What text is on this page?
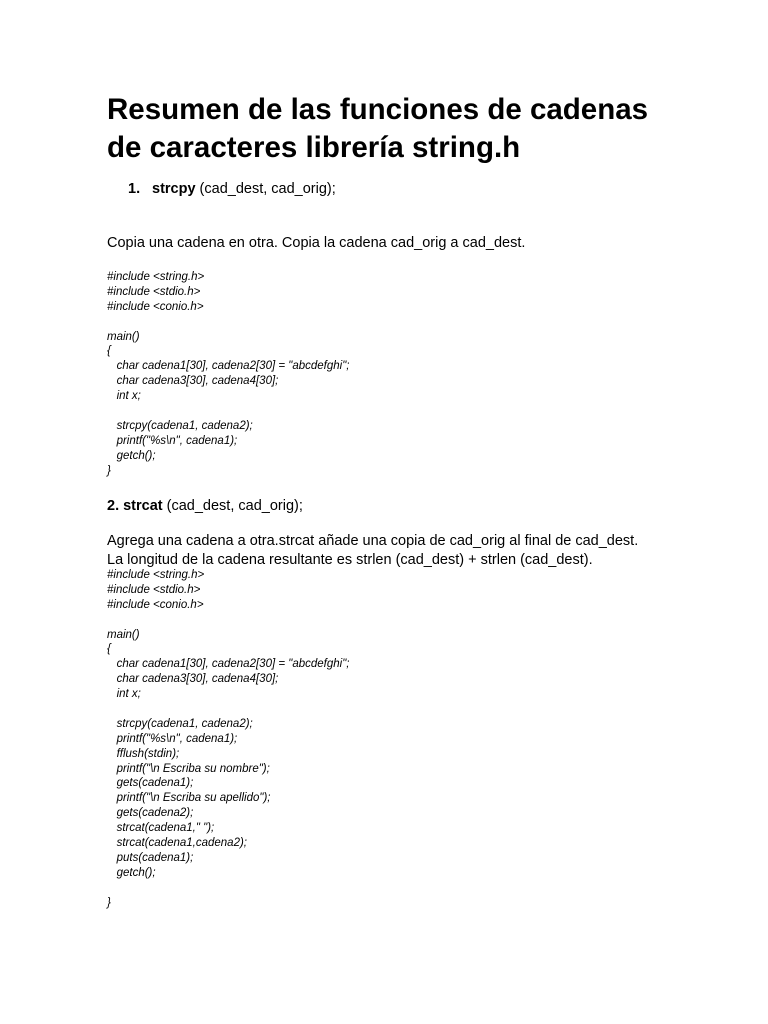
Resumen de las funciones de cadenas
de caracteres librería string.h
1. strcpy (cad_dest, cad_orig);

Copia una cadena en otra. Copia la cadena cad_orig a cad_dest.

#include <string.h>
#include <stdio.h>
#include <conio.h>
main()
{
char cadena1[30], cadena2[30] = "abcdefghi";
char cadena3[30], cadena4[30];
int x;
strcpy(cadena1, cadena2);
printf("%s\n", cadena1);
getch();
}
2. strcat (cad_dest, cad_orig);

Agrega una cadena a otra.strcat añade una copia de cad_orig al final de cad_dest.
La longitud de la cadena resultante es strlen (cad_dest) + strlen (cad_dest).

#include <string.h>
#include <stdio.h>
#include <conio.h>
main()
{
char cadena1[30], cadena2[30] = "abcdefghi";
char cadena3[30], cadena4[30];
int x;
strcpy(cadena1, cadena2);
printf("%s\n", cadena1);
fflush(stdin);
printf("\n Escriba su nombre");
gets(cadena1);
printf("\n Escriba su apellido");
gets(cadena2);
strcat(cadena1," ");
strcat(cadena1,cadena2);
puts(cadena1);
getch();
}
